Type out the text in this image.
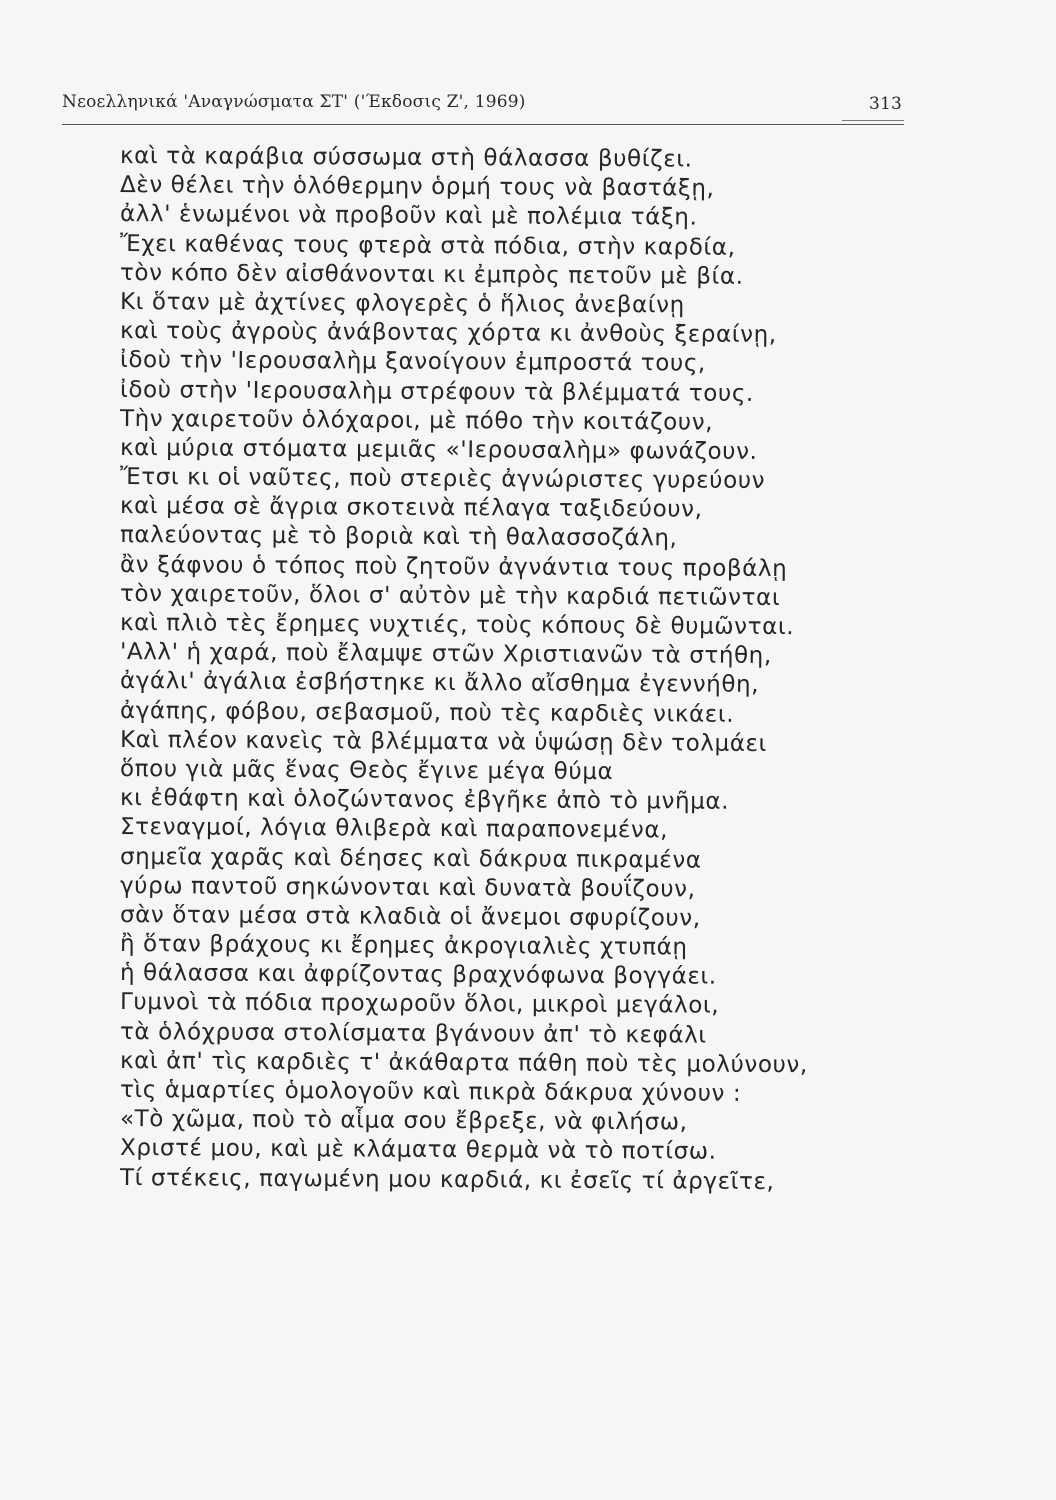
Νεοελληνικά 'Αναγνώσματα ΣΤ' ('Έκδοσις Ζ', 1969)	313
καὶ τὰ καράβια σύσσωμα στὴ θάλασσα βυθίζει.
Δὲν θέλει τὴν ὁλόθερμην ὁρμή τους νὰ βαστάξῃ,
ἀλλ' ἑνωμένοι νὰ προβοῦν καὶ μὲ πολέμια τάξη.
Ἔχει καθένας τους φτερὰ στὰ πόδια, στὴν καρδία,
τὸν κόπο δὲν αἰσθάνονται κι ἐμπρὸς πετοῦν μὲ βία.
Κι ὅταν μὲ ἀχτίνες φλογερὲς ὁ ἥλιος ἀνεβαίνῃ
καὶ τοὺς ἀγροὺς ἀνάβοντας χόρτα κι ἀνθοὺς ξεραίνῃ,
ἰδοὺ τὴν 'Ιερουσαλὴμ ξανοίγουν ἐμπροστά τους,
ἰδοὺ στὴν 'Ιερουσαλὴμ στρέφουν τὰ βλέμματά τους.
Τὴν χαιρετοῦν ὁλόχαροι, μὲ πόθο τὴν κοιτάζουν,
καὶ μύρια στόματα μεμιᾶς «'Ιερουσαλὴμ» φωνάζουν.
Ἔτσι κι οἱ ναῦτες, ποὺ στεριὲς ἀγνώριστες γυρεύουν
καὶ μέσα σὲ ἄγρια σκοτεινὰ πέλαγα ταξιδεύουν,
παλεύοντας μὲ τὸ βοριὰ καὶ τὴ θαλασσοζάλη,
ἂν ξάφνου ὁ τόπος ποὺ ζητοῦν ἀγνάντια τους προβάλῃ
τὸν χαιρετοῦν, ὅλοι σ' αὐτὸν μὲ τὴν καρδιά πετιῶνται
καὶ πλιὸ τὲς ἔρημες νυχτιές, τοὺς κόπους δὲ θυμῶνται.
'Αλλ' ἡ χαρά, ποὺ ἔλαμψε στῶν Χριστιανῶν τὰ στήθη,
ἀγάλι' ἀγάλια ἐσβήστηκε κι ἄλλο αἴσθημα ἐγεννήθη,
ἀγάπης, φόβου, σεβασμοῦ, ποὺ τὲς καρδιὲς νικάει.
Καὶ πλέον κανεὶς τὰ βλέμματα νὰ ὑψώσῃ δὲν τολμάει
ὅπου γιὰ μᾶς ἕνας Θεὸς ἔγινε μέγα θύμα
κι ἐθάφτη καὶ ὁλοζώντανος ἐβγῆκε ἀπὸ τὸ μνῆμα.
Στεναγμοί, λόγια θλιβερὰ καὶ παραπονεμένα,
σημεῖα χαρᾶς καὶ δέησες καὶ δάκρυα πικραμένα
γύρω παντοῦ σηκώνονται καὶ δυνατὰ βουΐζουν,
σὰν ὅταν μέσα στὰ κλαδιὰ οἱ ἄνεμοι σφυρίζουν,
ἢ ὅταν βράχους κι ἔρημες ἀκρογιαλιὲς χτυπάῃ
ἡ θάλασσα και ἀφρίζοντας βραχνόφωνα βογγάει.
Γυμνοὶ τὰ πόδια προχωροῦν ὅλοι, μικροὶ μεγάλοι,
τὰ ὁλόχρυσα στολίσματα βγάνουν ἀπ' τὸ κεφάλι
καὶ ἀπ' τὶς καρδιὲς τ' ἀκάθαρτα πάθη ποὺ τὲς μολύνουν,
τὶς ἁμαρτίες ὁμολογοῦν καὶ πικρὰ δάκρυα χύνουν :
«Τὸ χῶμα, ποὺ τὸ αἷμα σου ἔβρεξε, νὰ φιλήσω,
Χριστέ μου, καὶ μὲ κλάματα θερμὰ νὰ τὸ ποτίσω.
Τί στέκεις, παγωμένη μου καρδιά, κι ἐσεῖς τί ἀργεῖτε,
